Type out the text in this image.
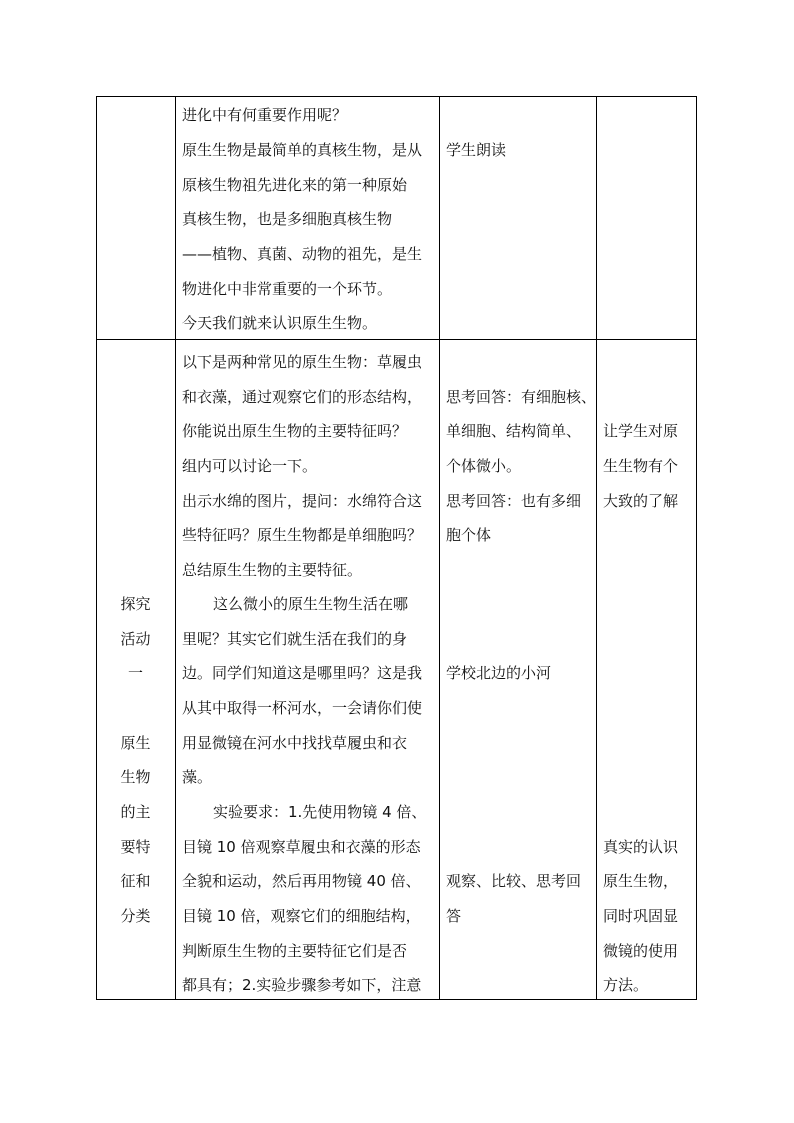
进化中有何重要作用呢？
原生生物是最简单的真核生物，是从
原核生物祖先进化来的第一种原始
真核生物，也是多细胞真核生物
——植物、真菌、动物的祖先，是生
物进化中非常重要的一个环节。
今天我们就来认识原生生物。
学生朗读
探究
活动
一
原生
生物
的主
要特
征和
分类
以下是两种常见的原生生物：草履虫
和衣藻，通过观察它们的形态结构，
你能说出原生生物的主要特征吗？
组内可以讨论一下。
出示水绵的图片，提问：水绵符合这
些特征吗？原生生物都是单细胞吗？
总结原生生物的主要特征。
这么微小的原生生物生活在哪
里呢？其实它们就生活在我们的身
边。同学们知道这是哪里吗？这是我
从其中取得一杯河水，一会请你们使
用显微镜在河水中找找草履虫和衣
藻。
实验要求：1.先使用物镜 4 倍、
目镜 10 倍观察草履虫和衣藻的形态
全貌和运动，然后再用物镜 40 倍、
目镜 10 倍，观察它们的细胞结构，
判断原生生物的主要特征它们是否
都具有；2.实验步骤参考如下，注意
思考回答：有细胞核、
单细胞、结构简单、
个体微小。
思考回答：也有多细
胞个体
学校北边的小河
观察、比较、思考回
答
让学生对原
生生物有个
大致的了解
真实的认识
原生生物，
同时巩固显
微镜的使用
方法。
